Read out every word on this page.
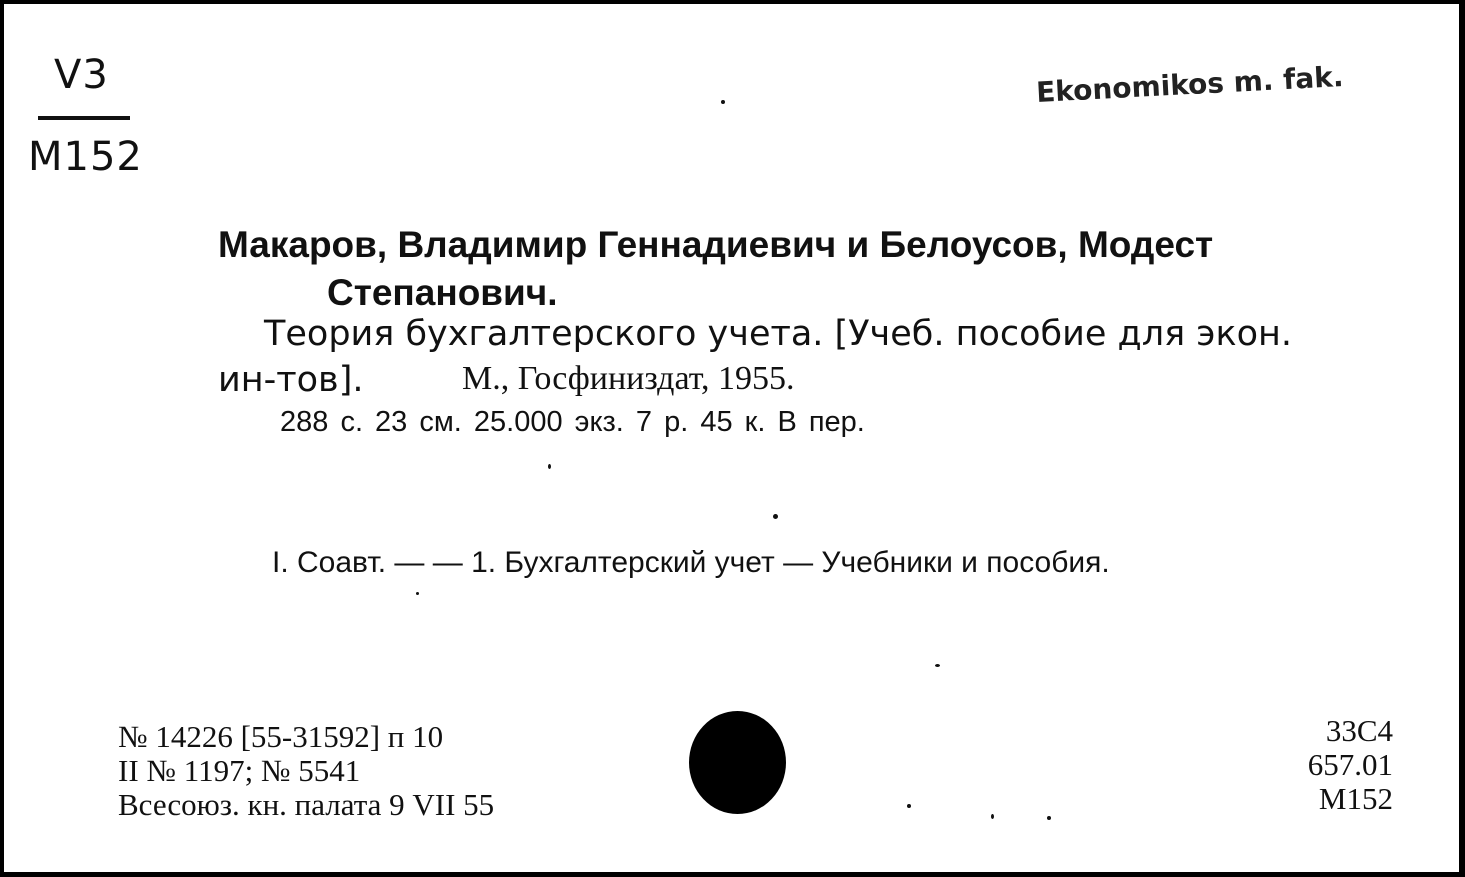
V3
M152
Ekonomikos m. fak.
Макаров, Владимир Геннадиевич и Белоусов, Модест
Степанович.
Теория бухгалтерского учета. [Учеб. пособие для экон.
ин-тов].	М., Госфиниздат, 1955.
288 с. 23 см. 25.000 экз. 7 р. 45 к. В пер.
I. Соавт. — — 1. Бухгалтерский учет — Учебники и пособия.
№ 14226 [55-31592] п 10
II № 1197; № 5541
Всесоюз. кн. палата 9 VII 55
33С4
657.01
М152
